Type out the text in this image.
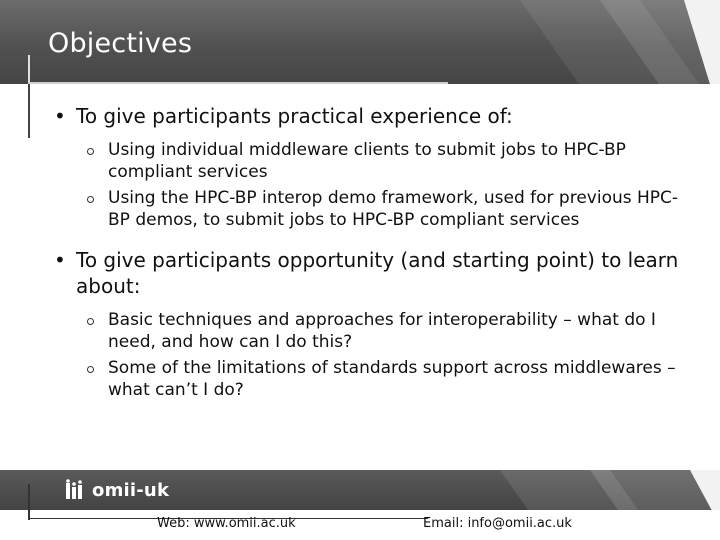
Objectives
• To give participants practical experience of:
Using individual middleware clients to submit jobs to HPC-BP compliant services
Using the HPC-BP interop demo framework, used for previous HPC-BP demos, to submit jobs to HPC-BP compliant services
• To give participants opportunity (and starting point) to learn about:
Basic techniques and approaches for interoperability – what do I need, and how can I do this?
Some of the limitations of standards support across middlewares – what can’t I do?
omii-uk
Web: www.omii.ac.uk	Email: info@omii.ac.uk
